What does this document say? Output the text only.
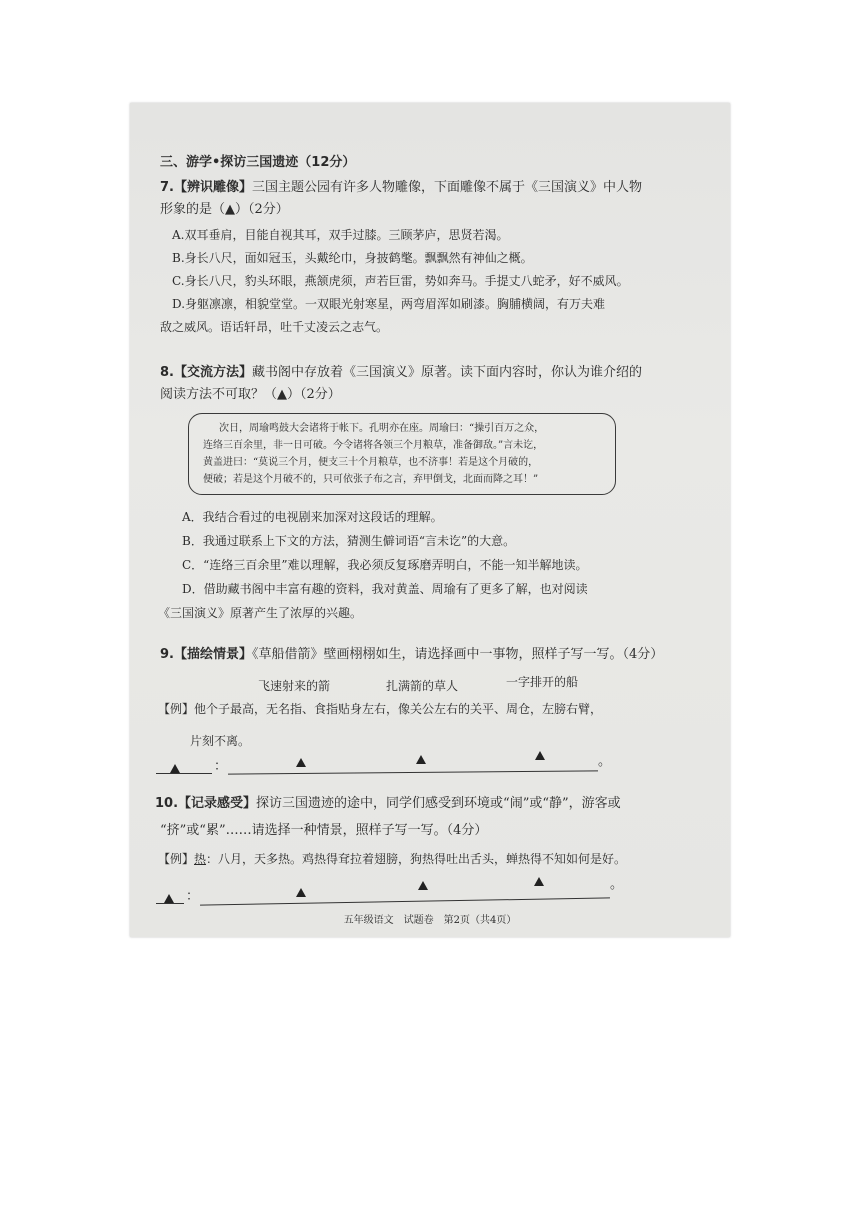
三、游学•探访三国遗迹（12分）
7.【辨识雕像】三国主题公园有许多人物雕像，下面雕像不属于《三国演义》中人物
形象的是（▲）（2分）
A.双耳垂肩，目能自视其耳，双手过膝。三顾茅庐，思贤若渴。
B.身长八尺，面如冠玉，头戴纶巾，身披鹤氅。飘飘然有神仙之概。
C.身长八尺，豹头环眼，燕颔虎须，声若巨雷，势如奔马。手提丈八蛇矛，好不威风。
D.身躯凛凛，相貌堂堂。一双眼光射寒星，两弯眉浑如刷漆。胸脯横阔，有万夫难
敌之威风。语话轩昂，吐千丈凌云之志气。
8.【交流方法】藏书阁中存放着《三国演义》原著。读下面内容时，你认为谁介绍的
阅读方法不可取？（▲）（2分）
次日，周瑜鸣鼓大会诸将于帐下。孔明亦在座。周瑜曰：“操引百万之众，
连络三百余里，非一日可破。今令诸将各领三个月粮草，准备御敌。”言未讫，
黄盖进曰：“莫说三个月，便支三十个月粮草，也不济事！若是这个月破的，
便破；若是这个月破不的，只可依张子布之言，弃甲倒戈，北面而降之耳！”
A．我结合看过的电视剧来加深对这段话的理解。
B．我通过联系上下文的方法，猜测生僻词语“言未讫”的大意。
C．“连络三百余里”难以理解，我必须反复琢磨弄明白，不能一知半解地读。
D．借助藏书阁中丰富有趣的资料，我对黄盖、周瑜有了更多了解，也对阅读
《三国演义》原著产生了浓厚的兴趣。
9.【描绘情景】《草船借箭》壁画栩栩如生，请选择画中一事物，照样子写一写。（4分）
飞速射来的箭	扎满箭的草人	一字排开的船
【例】他个子最高，无名指、食指贴身左右，像关公左右的关平、周仓，左膀右臂，
片刻不离。
：	。
10.【记录感受】探访三国遗迹的途中，同学们感受到环境或“闹”或“静”，游客或
“挤”或“累”……请选择一种情景，照样子写一写。（4分）
【例】热：八月，天多热。鸡热得耷拉着翅膀，狗热得吐出舌头，蝉热得不知如何是好。
：
。
五年级语文　试题卷　第2页（共4页）
